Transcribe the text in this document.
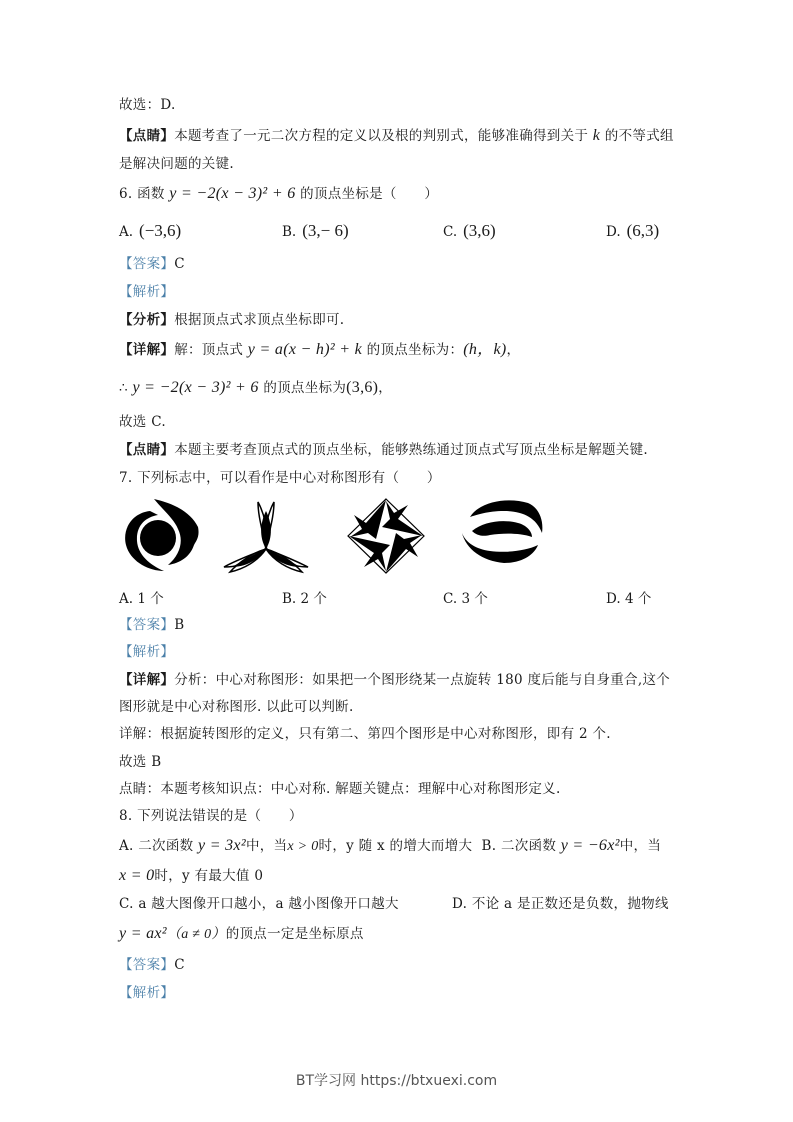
故选：D.
【点睛】本题考查了一元二次方程的定义以及根的判别式，能够准确得到关于 k 的不等式组
是解决问题的关键.
6. 函数 y = −2(x − 3)² + 6 的顶点坐标是（　　）
A. (−3,6)	B. (3,− 6)	C. (3,6)	D. (6,3)
【答案】C
【解析】
【分析】根据顶点式求顶点坐标即可.
【详解】解：顶点式 y = a(x − h)² + k 的顶点坐标为：(h，k)，
∴ y = −2(x − 3)² + 6 的顶点坐标为(3,6)，
故选 C.
【点睛】本题主要考查顶点式的顶点坐标，能够熟练通过顶点式写顶点坐标是解题关键.
7. 下列标志中，可以看作是中心对称图形有（　　）
A. 1 个	B. 2 个	C. 3 个	D. 4 个
【答案】B
【解析】
【详解】分析：中心对称图形：如果把一个图形绕某一点旋转 180 度后能与自身重合,这个
图形就是中心对称图形. 以此可以判断.
详解：根据旋转图形的定义，只有第二、第四个图形是中心对称图形，即有 2 个.
故选 B
点睛：本题考核知识点：中心对称. 解题关键点：理解中心对称图形定义.
8. 下列说法错误的是（　　）
A. 二次函数 y = 3x²中，当x > 0时，y 随 x 的增大而增大 B. 二次函数 y = −6x²中，当
x = 0时，y 有最大值 0
C. a 越大图像开口越小，a 越小图像开口越大	D. 不论 a 是正数还是负数，抛物线
y = ax²（a ≠ 0）的顶点一定是坐标原点
【答案】C
【解析】
BT学习网 https://btxuexi.com
